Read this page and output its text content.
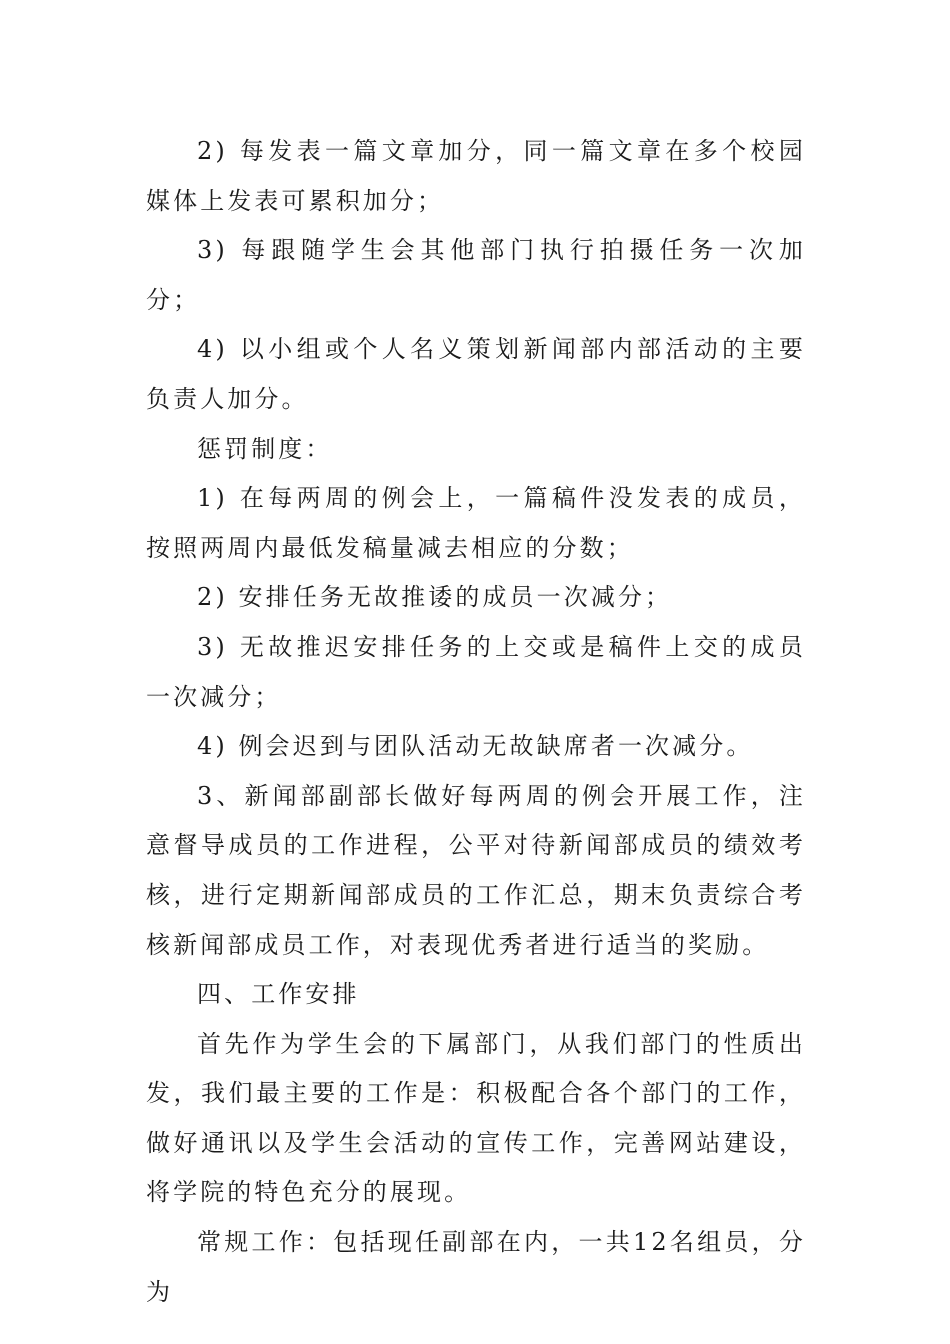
2) 每发表一篇文章加分，同一篇文章在多个校园媒体上发表可累积加分；

3) 每跟随学生会其他部门执行拍摄任务一次加分；

4) 以小组或个人名义策划新闻部内部活动的主要负责人加分。

惩罚制度：

1) 在每两周的例会上，一篇稿件没发表的成员，按照两周内最低发稿量减去相应的分数；

2) 安排任务无故推诿的成员一次减分；

3) 无故推迟安排任务的上交或是稿件上交的成员一次减分；

4) 例会迟到与团队活动无故缺席者一次减分。

3、新闻部副部长做好每两周的例会开展工作，注意督导成员的工作进程，公平对待新闻部成员的绩效考核，进行定期新闻部成员的工作汇总，期末负责综合考核新闻部成员工作，对表现优秀者进行适当的奖励。

四、工作安排

首先作为学生会的下属部门，从我们部门的性质出发，我们最主要的工作是：积极配合各个部门的工作，做好通讯以及学生会活动的宣传工作，完善网站建设，将学院的特色充分的展现。

常规工作：包括现任副部在内，一共12名组员，分为
